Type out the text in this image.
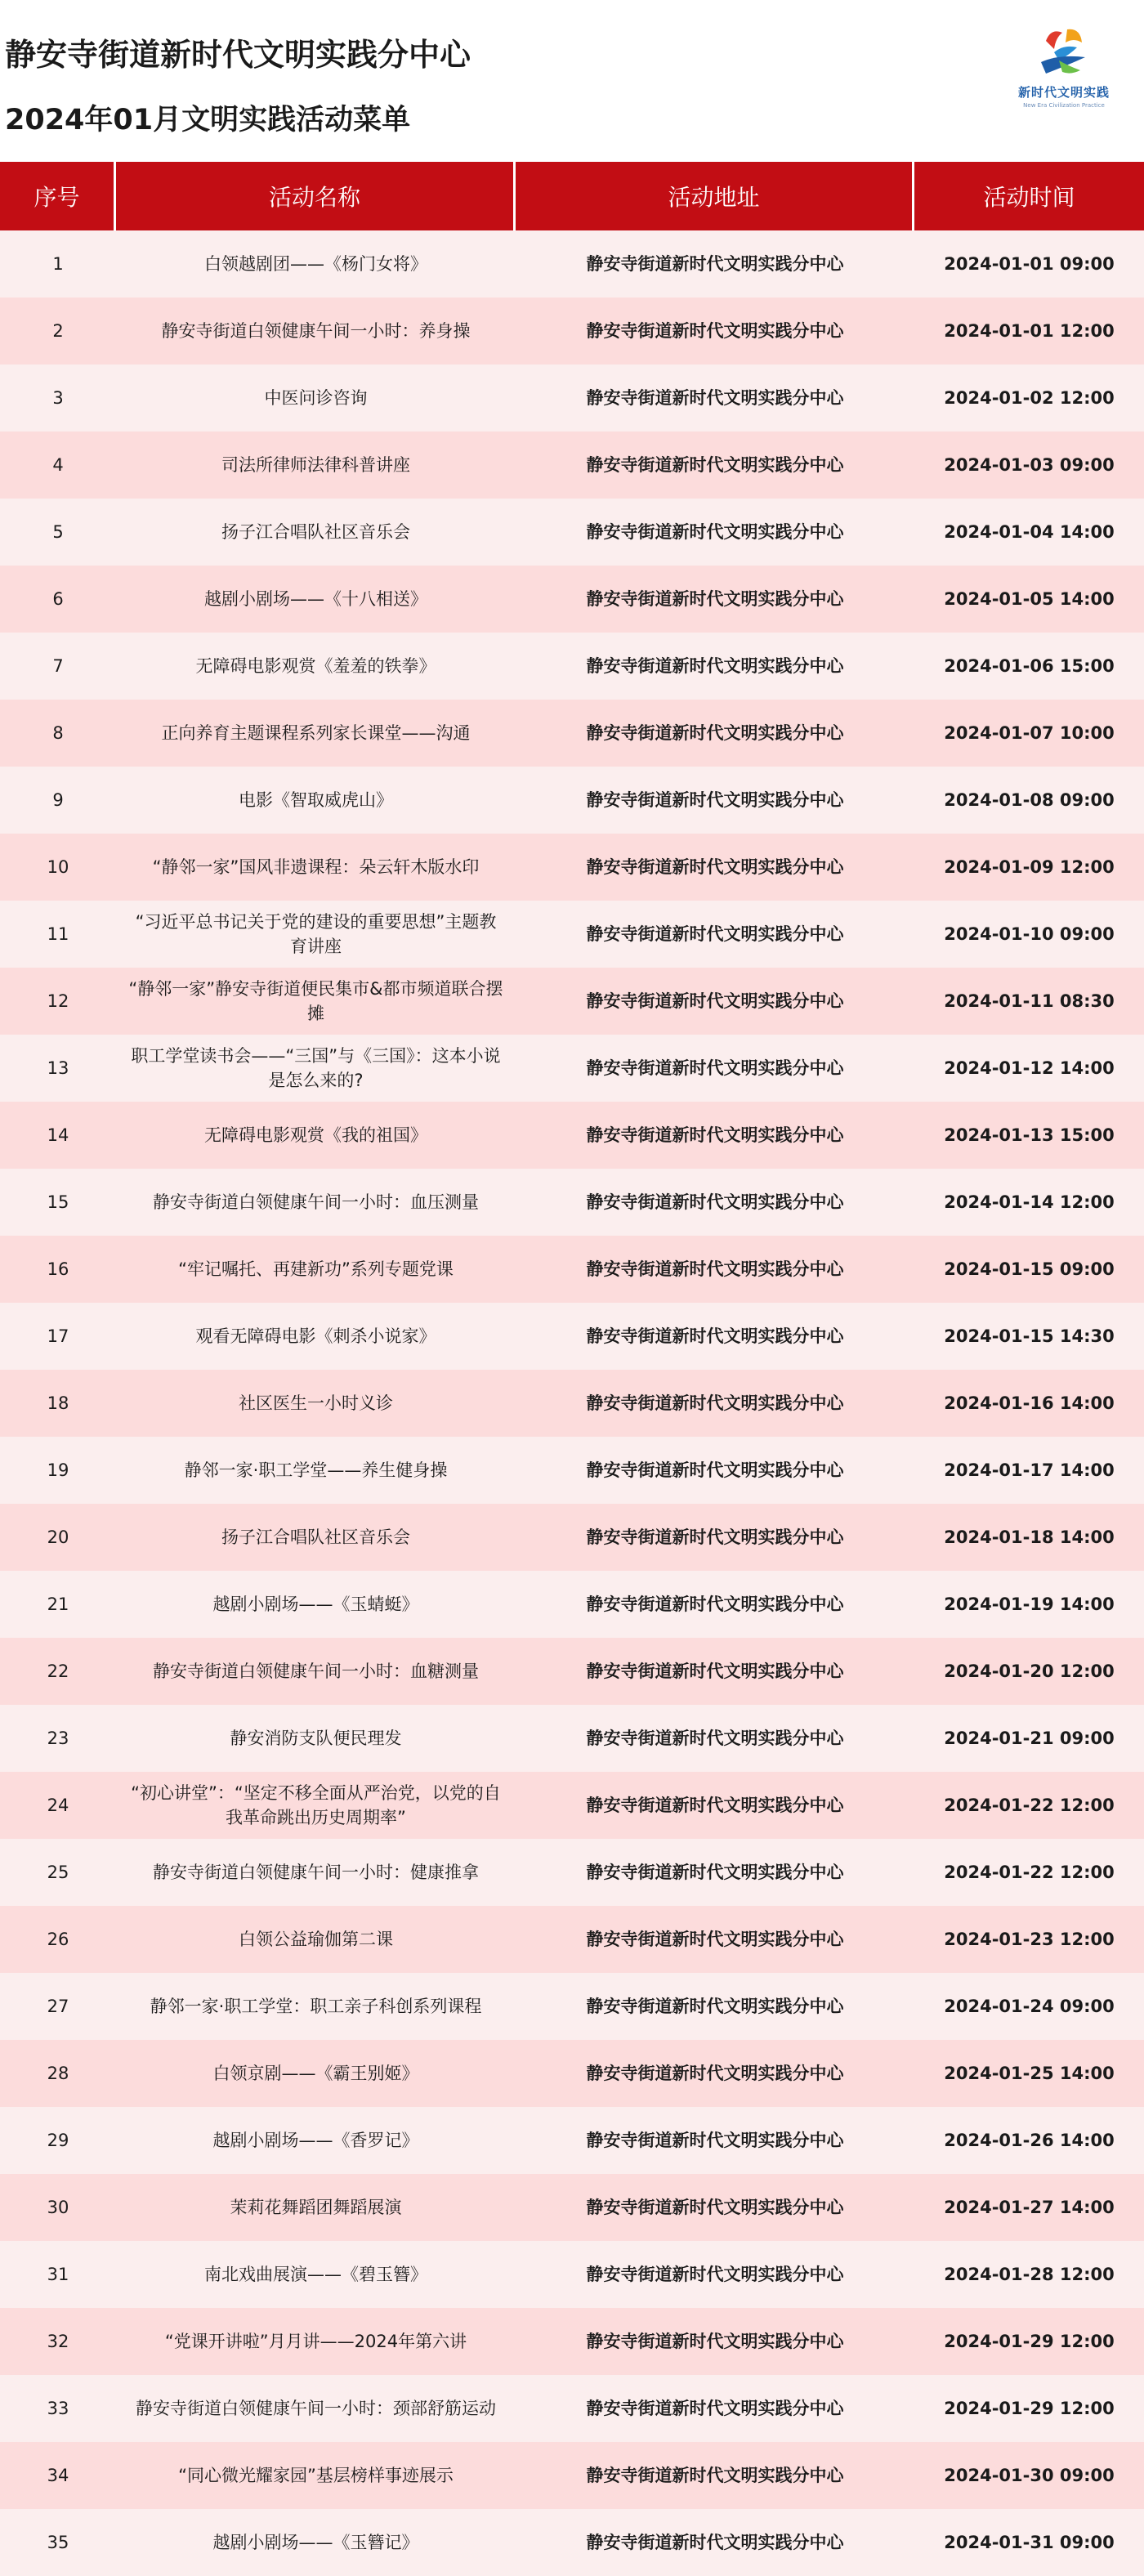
静安寺街道新时代文明实践分中心
2024年01月文明实践活动菜单
新时代文明实践
New Era Civilization Practice
序号	活动名称	活动地址	活动时间
1	白领越剧团——《杨门女将》	静安寺街道新时代文明实践分中心	2024-01-01 09:00
2	静安寺街道白领健康午间一小时：养身操	静安寺街道新时代文明实践分中心	2024-01-01 12:00
3	中医问诊咨询	静安寺街道新时代文明实践分中心	2024-01-02 12:00
4	司法所律师法律科普讲座	静安寺街道新时代文明实践分中心	2024-01-03 09:00
5	扬子江合唱队社区音乐会	静安寺街道新时代文明实践分中心	2024-01-04 14:00
6	越剧小剧场——《十八相送》	静安寺街道新时代文明实践分中心	2024-01-05 14:00
7	无障碍电影观赏《羞羞的铁拳》	静安寺街道新时代文明实践分中心	2024-01-06 15:00
8	正向养育主题课程系列家长课堂——沟通	静安寺街道新时代文明实践分中心	2024-01-07 10:00
9	电影《智取威虎山》	静安寺街道新时代文明实践分中心	2024-01-08 09:00
10	“静邻一家”国风非遗课程：朵云轩木版水印	静安寺街道新时代文明实践分中心	2024-01-09 12:00
11	“习近平总书记关于党的建设的重要思想”主题教育讲座	静安寺街道新时代文明实践分中心	2024-01-10 09:00
12	“静邻一家”静安寺街道便民集市&都市频道联合摆摊	静安寺街道新时代文明实践分中心	2024-01-11 08:30
13	职工学堂读书会——“三国”与《三国》：这本小说是怎么来的?	静安寺街道新时代文明实践分中心	2024-01-12 14:00
14	无障碍电影观赏《我的祖国》	静安寺街道新时代文明实践分中心	2024-01-13 15:00
15	静安寺街道白领健康午间一小时：血压测量	静安寺街道新时代文明实践分中心	2024-01-14 12:00
16	“牢记嘱托、再建新功”系列专题党课	静安寺街道新时代文明实践分中心	2024-01-15 09:00
17	观看无障碍电影《刺杀小说家》	静安寺街道新时代文明实践分中心	2024-01-15 14:30
18	社区医生一小时义诊	静安寺街道新时代文明实践分中心	2024-01-16 14:00
19	静邻一家·职工学堂——养生健身操	静安寺街道新时代文明实践分中心	2024-01-17 14:00
20	扬子江合唱队社区音乐会	静安寺街道新时代文明实践分中心	2024-01-18 14:00
21	越剧小剧场——《玉蜻蜓》	静安寺街道新时代文明实践分中心	2024-01-19 14:00
22	静安寺街道白领健康午间一小时：血糖测量	静安寺街道新时代文明实践分中心	2024-01-20 12:00
23	静安消防支队便民理发	静安寺街道新时代文明实践分中心	2024-01-21 09:00
24	“初心讲堂”：“坚定不移全面从严治党，以党的自我革命跳出历史周期率”	静安寺街道新时代文明实践分中心	2024-01-22 12:00
25	静安寺街道白领健康午间一小时：健康推拿	静安寺街道新时代文明实践分中心	2024-01-22 12:00
26	白领公益瑜伽第二课	静安寺街道新时代文明实践分中心	2024-01-23 12:00
27	静邻一家·职工学堂：职工亲子科创系列课程	静安寺街道新时代文明实践分中心	2024-01-24 09:00
28	白领京剧——《霸王别姬》	静安寺街道新时代文明实践分中心	2024-01-25 14:00
29	越剧小剧场——《香罗记》	静安寺街道新时代文明实践分中心	2024-01-26 14:00
30	茉莉花舞蹈团舞蹈展演	静安寺街道新时代文明实践分中心	2024-01-27 14:00
31	南北戏曲展演——《碧玉簪》	静安寺街道新时代文明实践分中心	2024-01-28 12:00
32	“党课开讲啦”月月讲——2024年第六讲	静安寺街道新时代文明实践分中心	2024-01-29 12:00
33	静安寺街道白领健康午间一小时：颈部舒筋运动	静安寺街道新时代文明实践分中心	2024-01-29 12:00
34	“同心微光耀家园”基层榜样事迹展示	静安寺街道新时代文明实践分中心	2024-01-30 09:00
35	越剧小剧场——《玉簪记》	静安寺街道新时代文明实践分中心	2024-01-31 09:00
